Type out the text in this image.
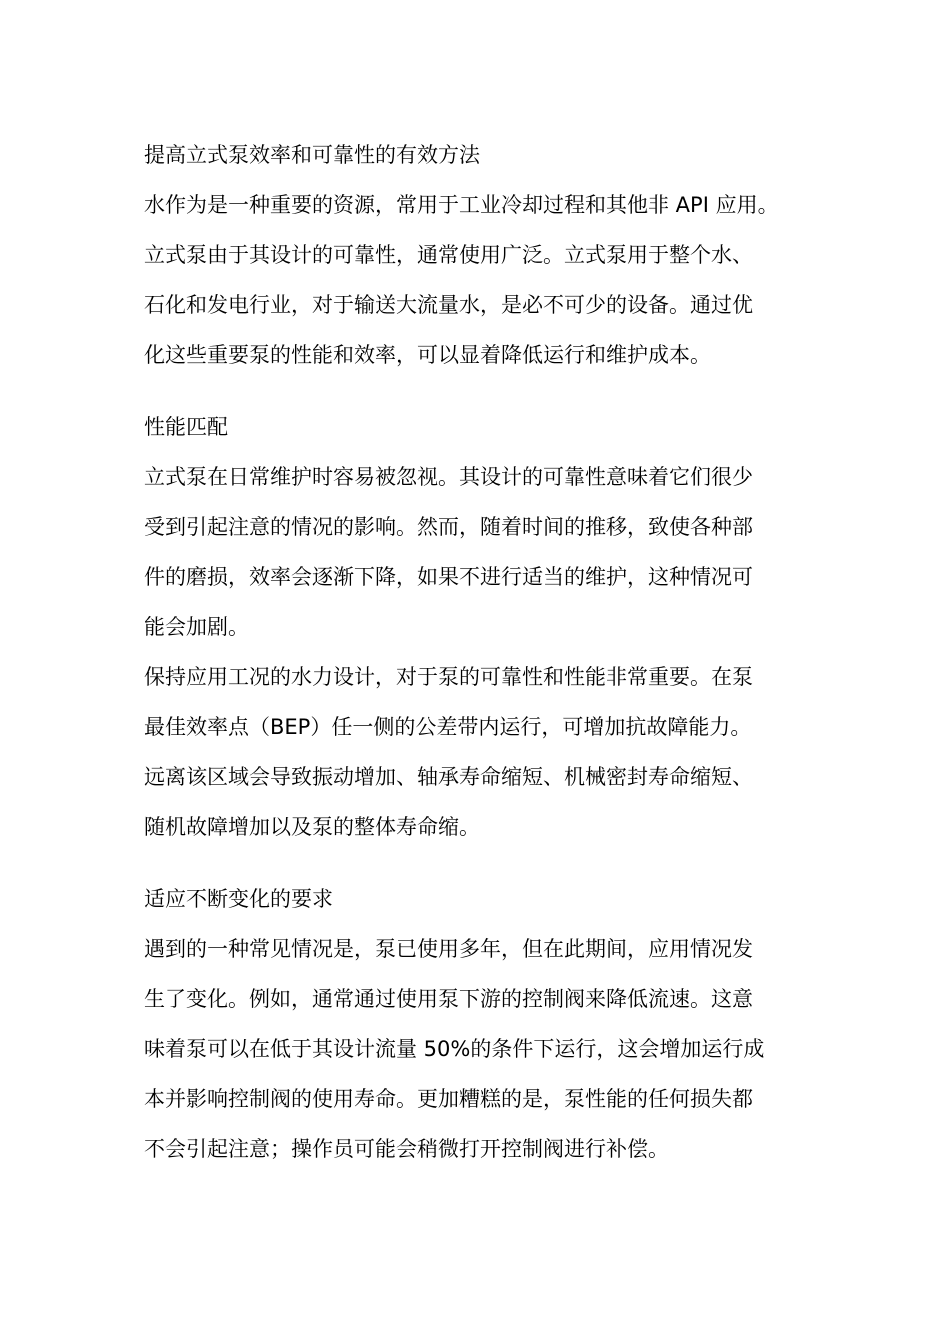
提高立式泵效率和可靠性的有效方法
水作为是一种重要的资源，常用于工业冷却过程和其他非 API 应用。
立式泵由于其设计的可靠性，通常使用广泛。立式泵用于整个水、
石化和发电行业，对于输送大流量水，是必不可少的设备。通过优
化这些重要泵的性能和效率，可以显着降低运行和维护成本。
性能匹配
立式泵在日常维护时容易被忽视。其设计的可靠性意味着它们很少
受到引起注意的情况的影响。然而，随着时间的推移，致使各种部
件的磨损，效率会逐渐下降，如果不进行适当的维护，这种情况可
能会加剧。
保持应用工况的水力设计，对于泵的可靠性和性能非常重要。在泵
最佳效率点（BEP）任一侧的公差带内运行，可增加抗故障能力。
远离该区域会导致振动增加、轴承寿命缩短、机械密封寿命缩短、
随机故障增加以及泵的整体寿命缩。
适应不断变化的要求
遇到的一种常见情况是，泵已使用多年，但在此期间，应用情况发
生了变化。例如，通常通过使用泵下游的控制阀来降低流速。这意
味着泵可以在低于其设计流量 50%的条件下运行，这会增加运行成
本并影响控制阀的使用寿命。更加糟糕的是，泵性能的任何损失都
不会引起注意；操作员可能会稍微打开控制阀进行补偿。
